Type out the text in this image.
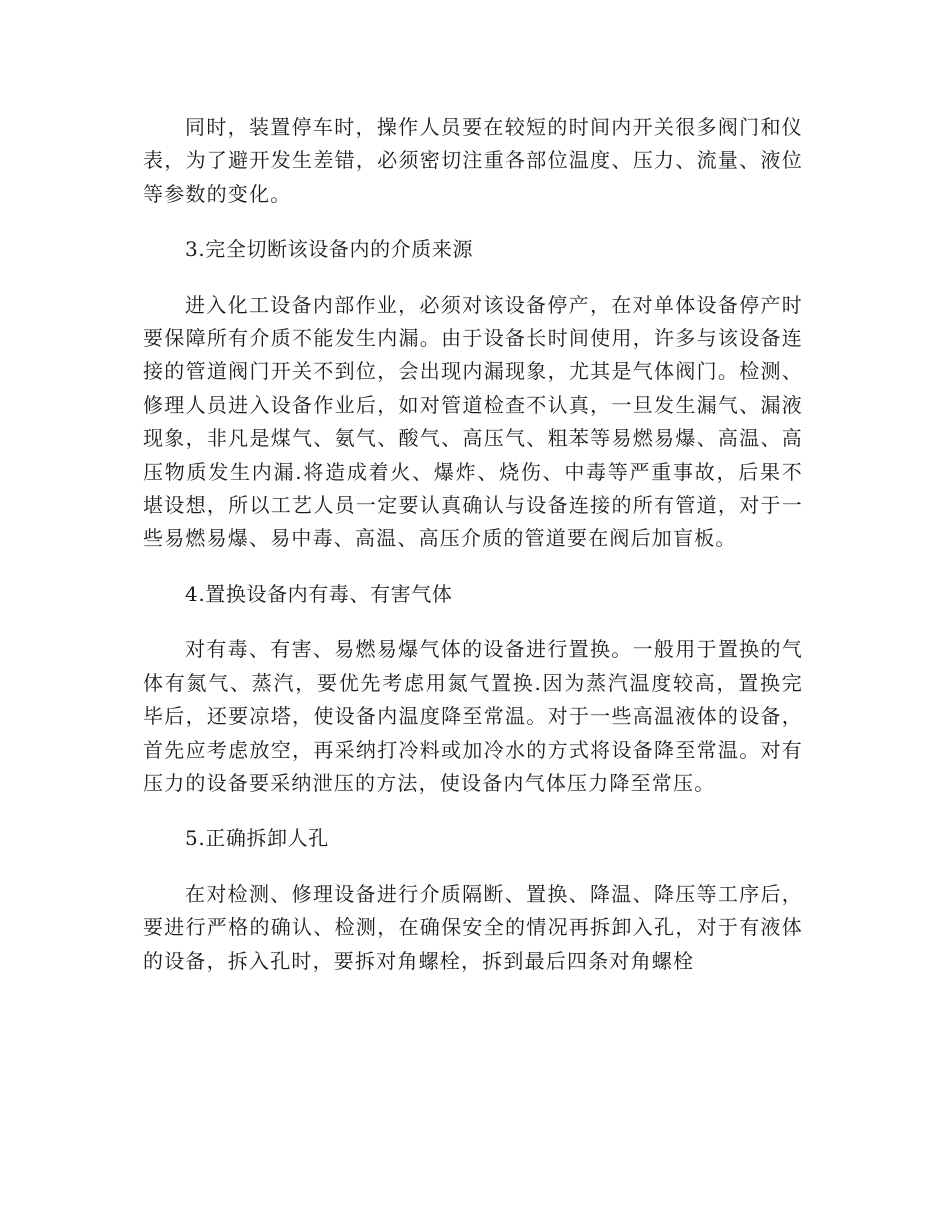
同时，装置停车时，操作人员要在较短的时间内开关很多阀门和仪表，为了避开发生差错，必须密切注重各部位温度、压力、流量、液位等参数的变化。

3.完全切断该设备内的介质来源

进入化工设备内部作业，必须对该设备停产，在对单体设备停产时要保障所有介质不能发生内漏。由于设备长时间使用，许多与该设备连接的管道阀门开关不到位，会出现内漏现象，尤其是气体阀门。检测、修理人员进入设备作业后，如对管道检查不认真，一旦发生漏气、漏液现象，非凡是煤气、氨气、酸气、高压气、粗苯等易燃易爆、高温、高压物质发生内漏.将造成着火、爆炸、烧伤、中毒等严重事故，后果不堪设想，所以工艺人员一定要认真确认与设备连接的所有管道，对于一些易燃易爆、易中毒、高温、高压介质的管道要在阀后加盲板。

4.置换设备内有毒、有害气体

对有毒、有害、易燃易爆气体的设备进行置换。一般用于置换的气体有氮气、蒸汽，要优先考虑用氮气置换.因为蒸汽温度较高，置换完毕后，还要凉塔，使设备内温度降至常温。对于一些高温液体的设备，首先应考虑放空，再采纳打冷料或加冷水的方式将设备降至常温。对有压力的设备要采纳泄压的方法，使设备内气体压力降至常压。

5.正确拆卸人孔

在对检测、修理设备进行介质隔断、置换、降温、降压等工序后，要进行严格的确认、检测，在确保安全的情况再拆卸入孔，对于有液体的设备，拆入孔时，要拆对角螺栓，拆到最后四条对角螺栓
